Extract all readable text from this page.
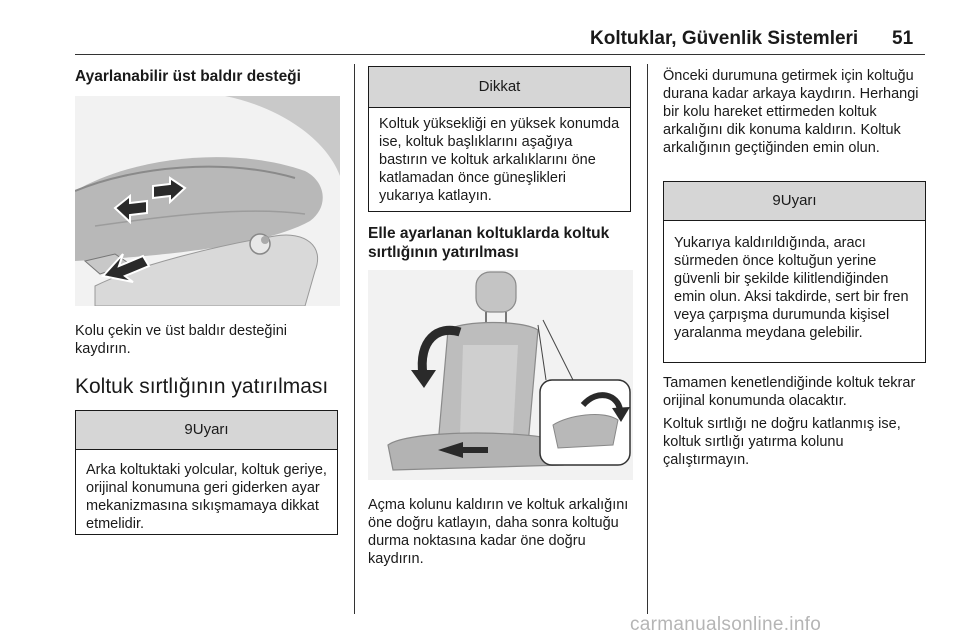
Koltuklar, Güvenlik Sistemleri 51
Ayarlanabilir üst baldır desteği
Kolu çekin ve üst baldır desteğini kaydırın.
Koltuk sırtlığının yatırılması
9Uyarı
Arka koltuktaki yolcular, koltuk geriye, orijinal konumuna geri giderken ayar mekanizmasına sıkışmamaya dikkat etmelidir.
Dikkat
Koltuk yüksekliği en yüksek konumda ise, koltuk başlıklarını aşağıya bastırın ve koltuk arkalıklarını öne katlamadan önce güneşlikleri yukarıya katlayın.
Elle ayarlanan koltuklarda koltuk sırtlığının yatırılması
Açma kolunu kaldırın ve koltuk arkalığını öne doğru katlayın, daha sonra koltuğu durma noktasına kadar öne doğru kaydırın.
Önceki durumuna getirmek için koltuğu durana kadar arkaya kaydırın. Herhangi bir kolu hareket ettirmeden koltuk arkalığını dik konuma kaldırın. Koltuk arkalığının geçtiğinden emin olun.
9Uyarı
Yukarıya kaldırıldığında, aracı sürmeden önce koltuğun yerine güvenli bir şekilde kilitlendiğinden emin olun. Aksi takdirde, sert bir fren veya çarpışma durumunda kişisel yaralanma meydana gelebilir.
Tamamen kenetlendiğinde koltuk tekrar orijinal konumunda olacaktır.
Koltuk sırtlığı ne doğru katlanmış ise, koltuk sırtlığı yatırma kolunu çalıştırmayın.
carmanualsonline.info
